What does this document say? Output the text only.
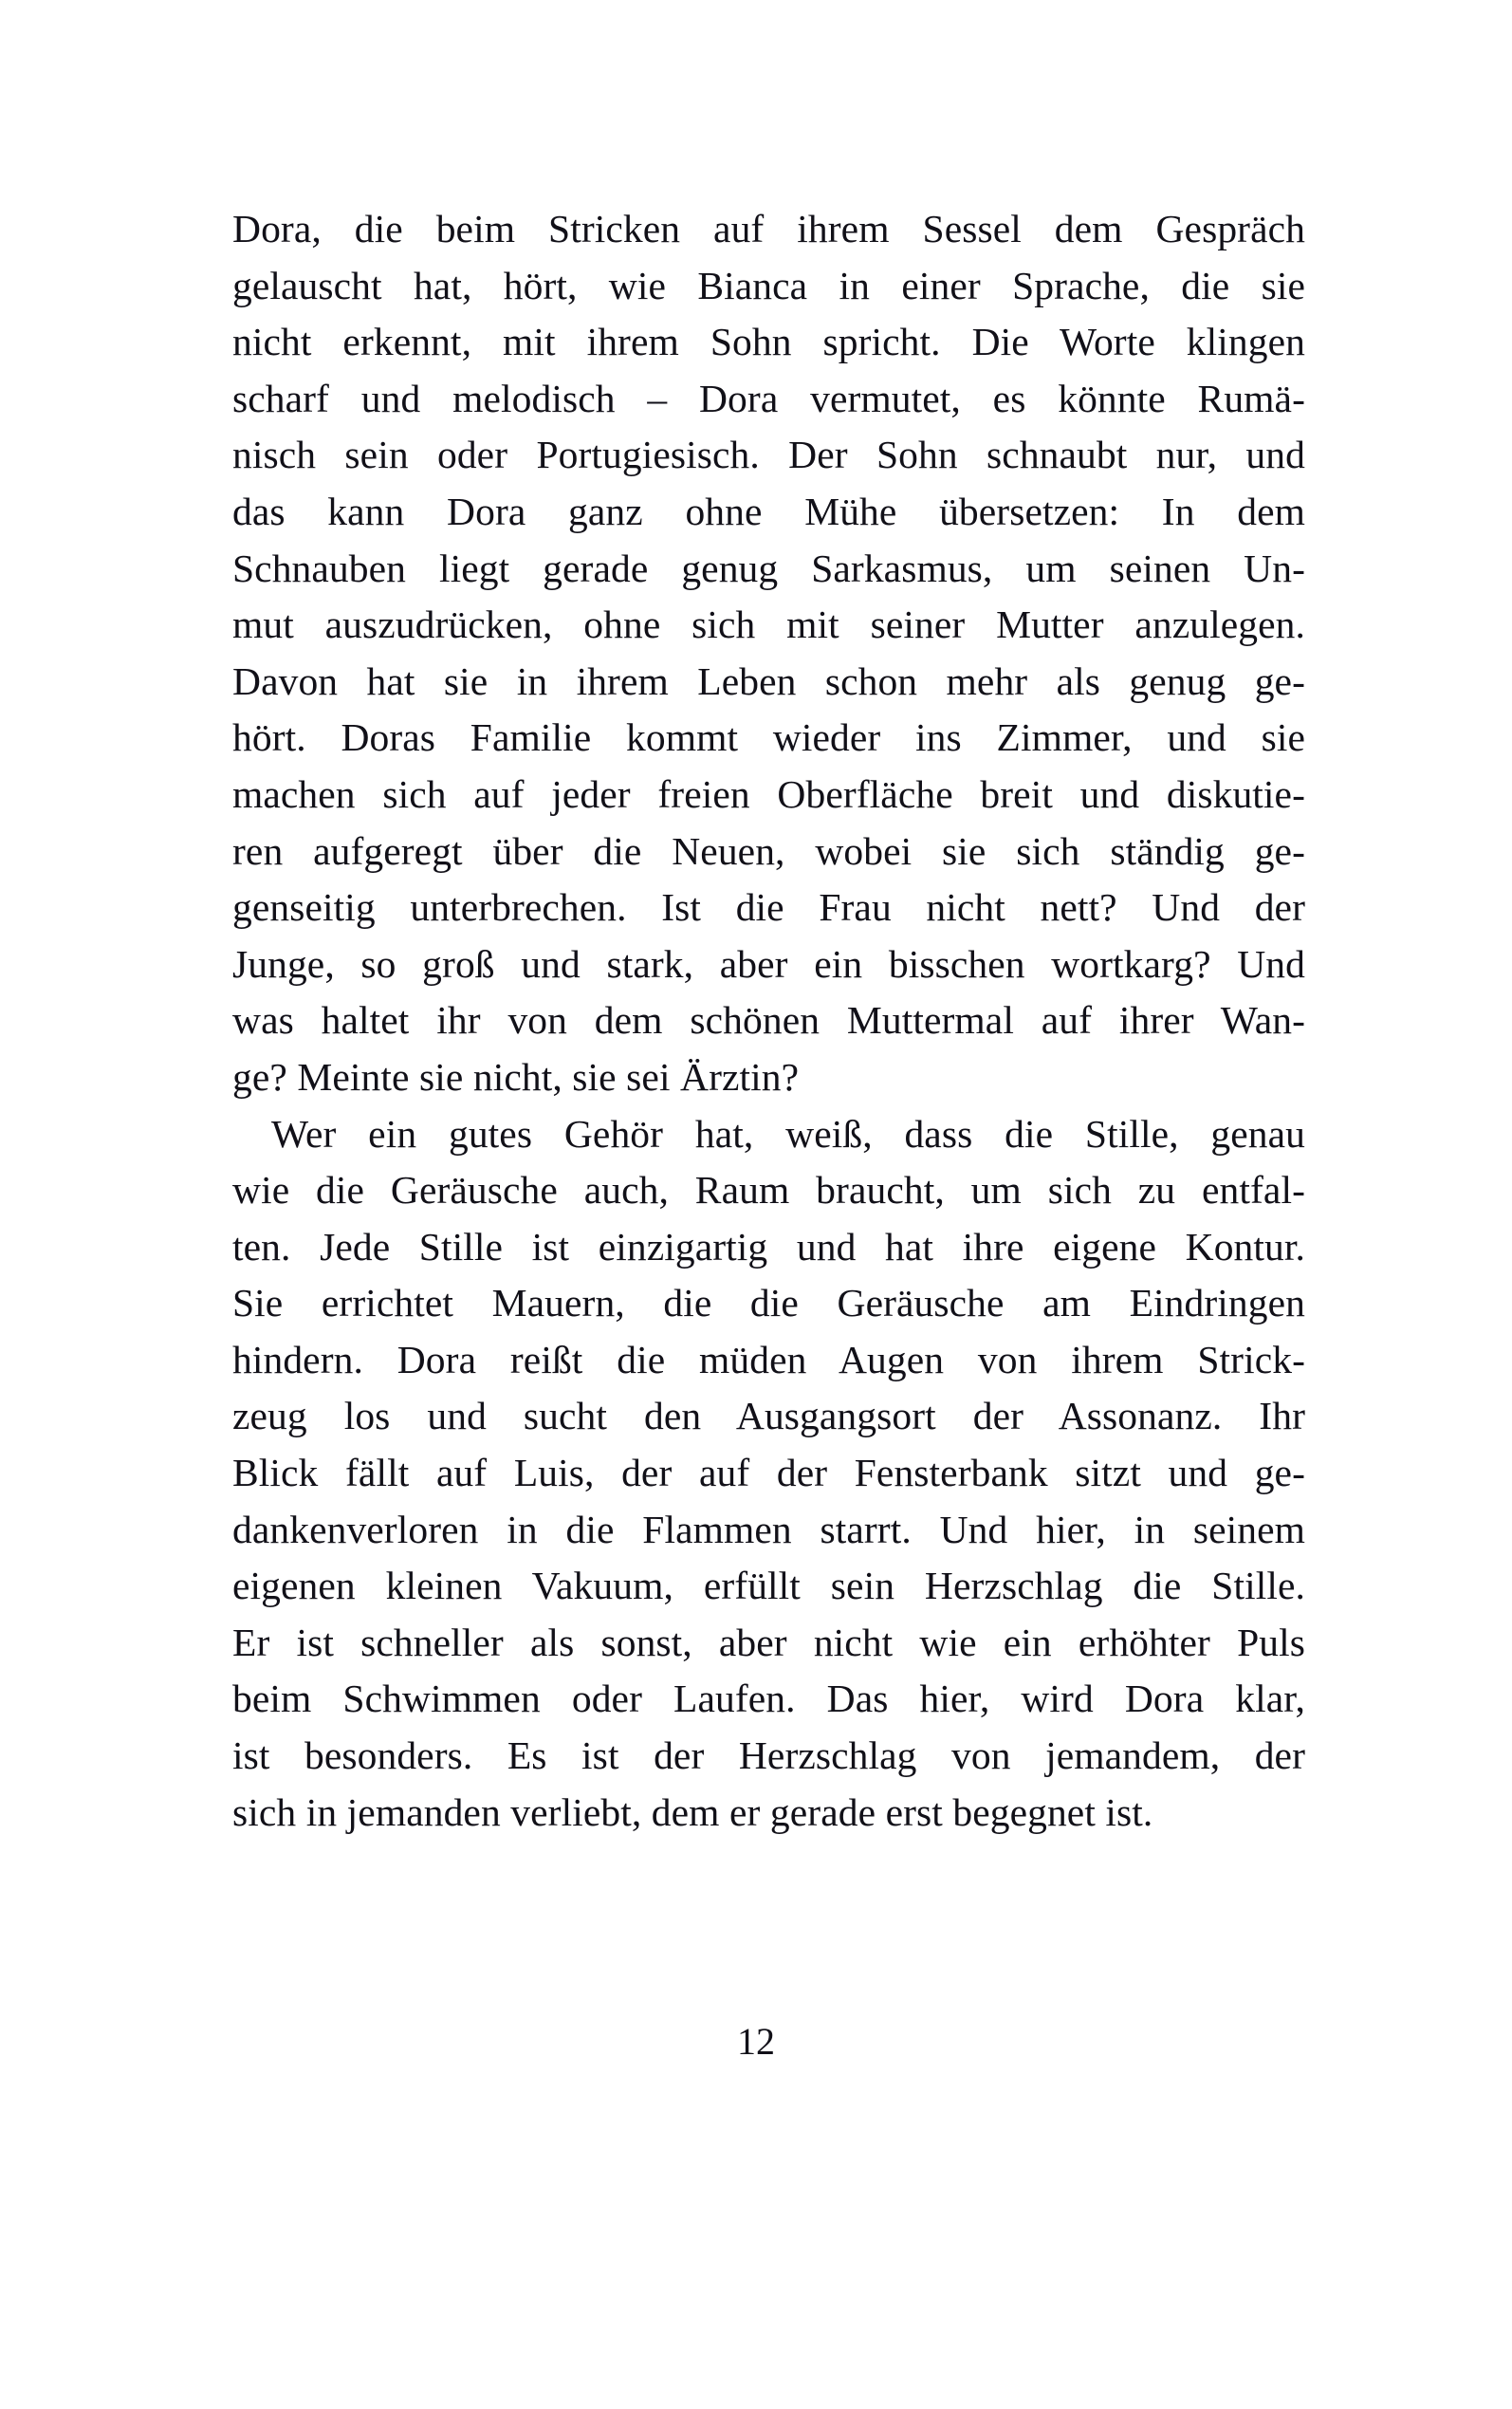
Dora, die beim Stricken auf ihrem Sessel dem Gespräch
gelauscht hat, hört, wie Bianca in einer Sprache, die sie
nicht erkennt, mit ihrem Sohn spricht. Die Worte klingen
scharf und melodisch – Dora vermutet, es könnte Rumä-
nisch sein oder Portugiesisch. Der Sohn schnaubt nur, und
das kann Dora ganz ohne Mühe übersetzen: In dem
Schnauben liegt gerade genug Sarkasmus, um seinen Un-
mut auszudrücken, ohne sich mit seiner Mutter anzulegen.
Davon hat sie in ihrem Leben schon mehr als genug ge-
hört. Doras Familie kommt wieder ins Zimmer, und sie
machen sich auf jeder freien Oberfläche breit und diskutie-
ren aufgeregt über die Neuen, wobei sie sich ständig ge-
genseitig unterbrechen. Ist die Frau nicht nett? Und der
Junge, so groß und stark, aber ein bisschen wortkarg? Und
was haltet ihr von dem schönen Muttermal auf ihrer Wan-
ge? Meinte sie nicht, sie sei Ärztin?

Wer ein gutes Gehör hat, weiß, dass die Stille, genau
wie die Geräusche auch, Raum braucht, um sich zu entfal-
ten. Jede Stille ist einzigartig und hat ihre eigene Kontur.
Sie errichtet Mauern, die die Geräusche am Eindringen
hindern. Dora reißt die müden Augen von ihrem Strick-
zeug los und sucht den Ausgangsort der Assonanz. Ihr
Blick fällt auf Luis, der auf der Fensterbank sitzt und ge-
dankenverloren in die Flammen starrt. Und hier, in seinem
eigenen kleinen Vakuum, erfüllt sein Herzschlag die Stille.
Er ist schneller als sonst, aber nicht wie ein erhöhter Puls
beim Schwimmen oder Laufen. Das hier, wird Dora klar,
ist besonders. Es ist der Herzschlag von jemandem, der
sich in jemanden verliebt, dem er gerade erst begegnet ist.

12
